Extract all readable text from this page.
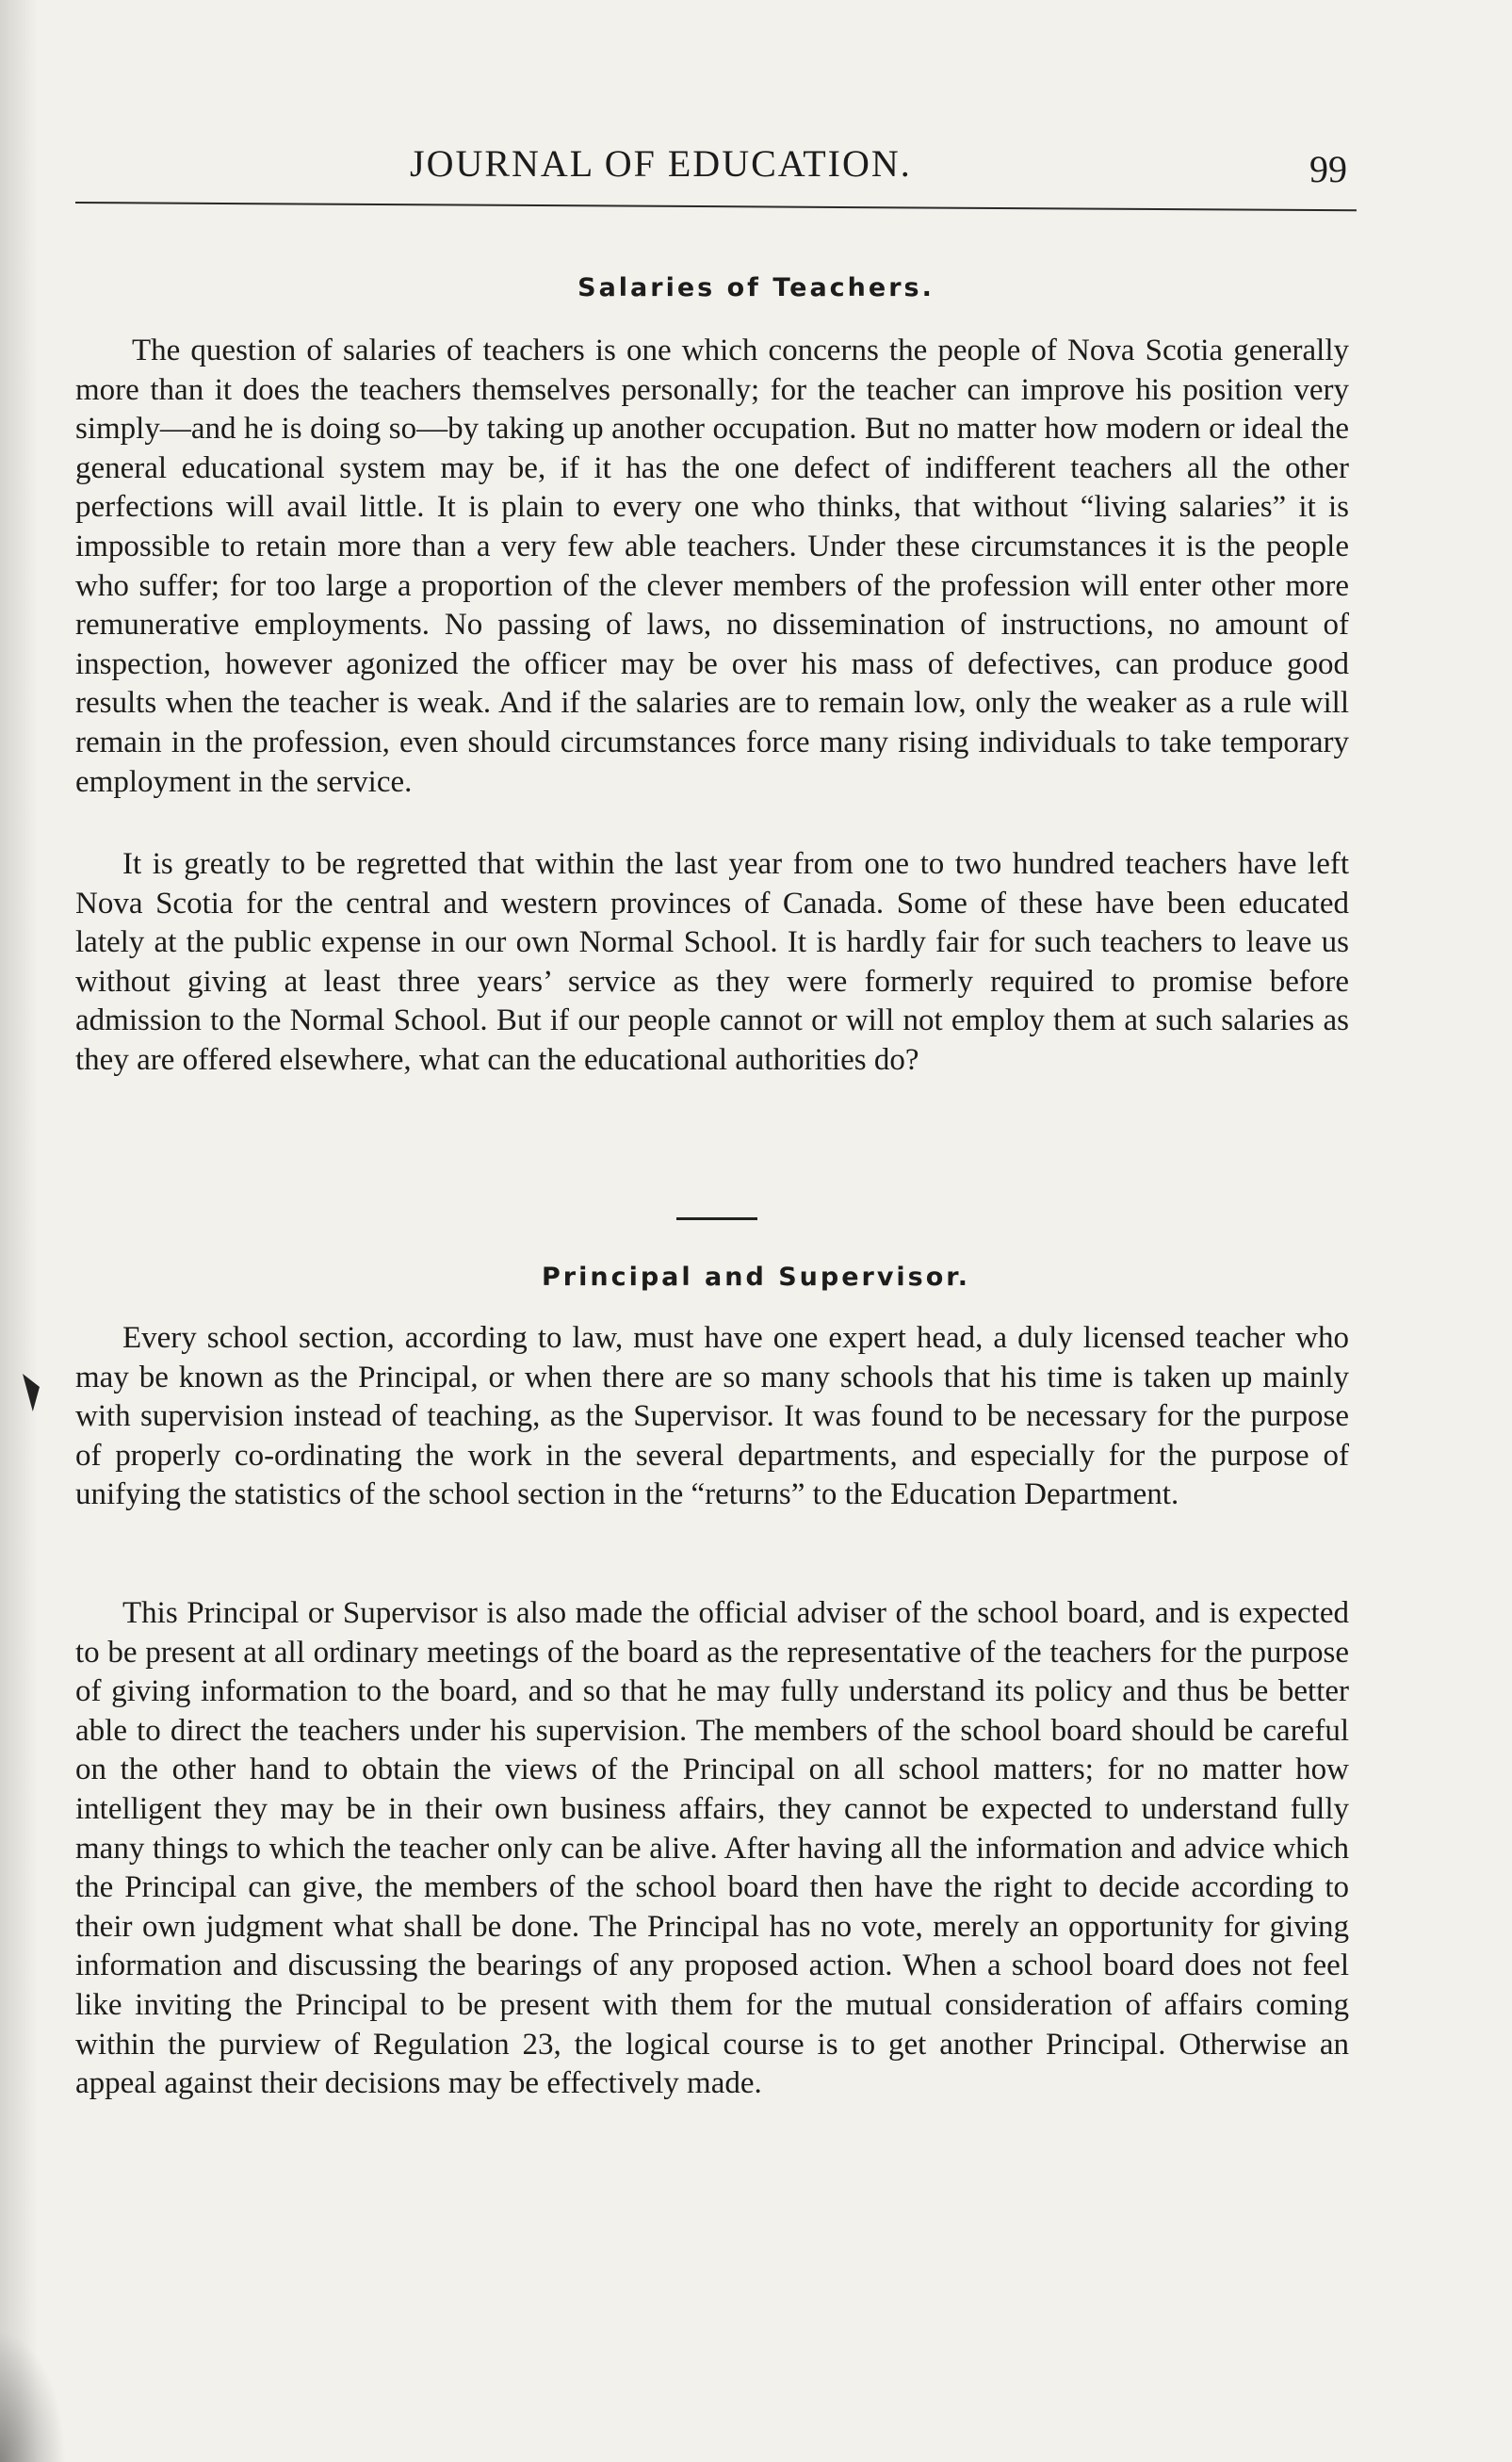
JOURNAL OF EDUCATION.	99
Salaries of Teachers.

The question of salaries of teachers is one which concerns the people of Nova Scotia generally more than it does the teachers themselves personally; for the teacher can improve his position very simply—and he is doing so—by taking up another occupation. But no matter how modern or ideal the general educational system may be, if it has the one defect of indifferent teachers all the other perfections will avail little. It is plain to every one who thinks, that without “living salaries” it is impossible to retain more than a very few able teachers. Under these circumstances it is the people who suffer; for too large a proportion of the clever members of the profession will enter other more remunerative employments. No passing of laws, no dissemination of instructions, no amount of inspection, however agonized the officer may be over his mass of defectives, can produce good results when the teacher is weak. And if the salaries are to remain low, only the weaker as a rule will remain in the profession, even should circumstances force many rising individuals to take temporary employment in the service.

It is greatly to be regretted that within the last year from one to two hundred teachers have left Nova Scotia for the central and western provinces of Canada. Some of these have been educated lately at the public expense in our own Normal School. It is hardly fair for such teachers to leave us without giving at least three years’ service as they were formerly required to promise before admission to the Normal School. But if our people cannot or will not employ them at such salaries as they are offered elsewhere, what can the educational authorities do?

Principal and Supervisor.

Every school section, according to law, must have one expert head, a duly licensed teacher who may be known as the Principal, or when there are so many schools that his time is taken up mainly with supervision instead of teaching, as the Supervisor. It was found to be necessary for the purpose of properly co-ordinating the work in the several departments, and especially for the purpose of unifying the statistics of the school section in the “returns” to the Education Department.

This Principal or Supervisor is also made the official adviser of the school board, and is expected to be present at all ordinary meetings of the board as the representative of the teachers for the purpose of giving information to the board, and so that he may fully understand its policy and thus be better able to direct the teachers under his supervision. The members of the school board should be careful on the other hand to obtain the views of the Principal on all school matters; for no matter how intelligent they may be in their own business affairs, they cannot be expected to understand fully many things to which the teacher only can be alive. After having all the information and advice which the Principal can give, the members of the school board then have the right to decide according to their own judgment what shall be done. The Principal has no vote, merely an opportunity for giving information and discussing the bearings of any proposed action. When a school board does not feel like inviting the Principal to be present with them for the mutual consideration of affairs coming within the purview of Regulation 23, the logical course is to get another Principal. Otherwise an appeal against their decisions may be effectively made.
